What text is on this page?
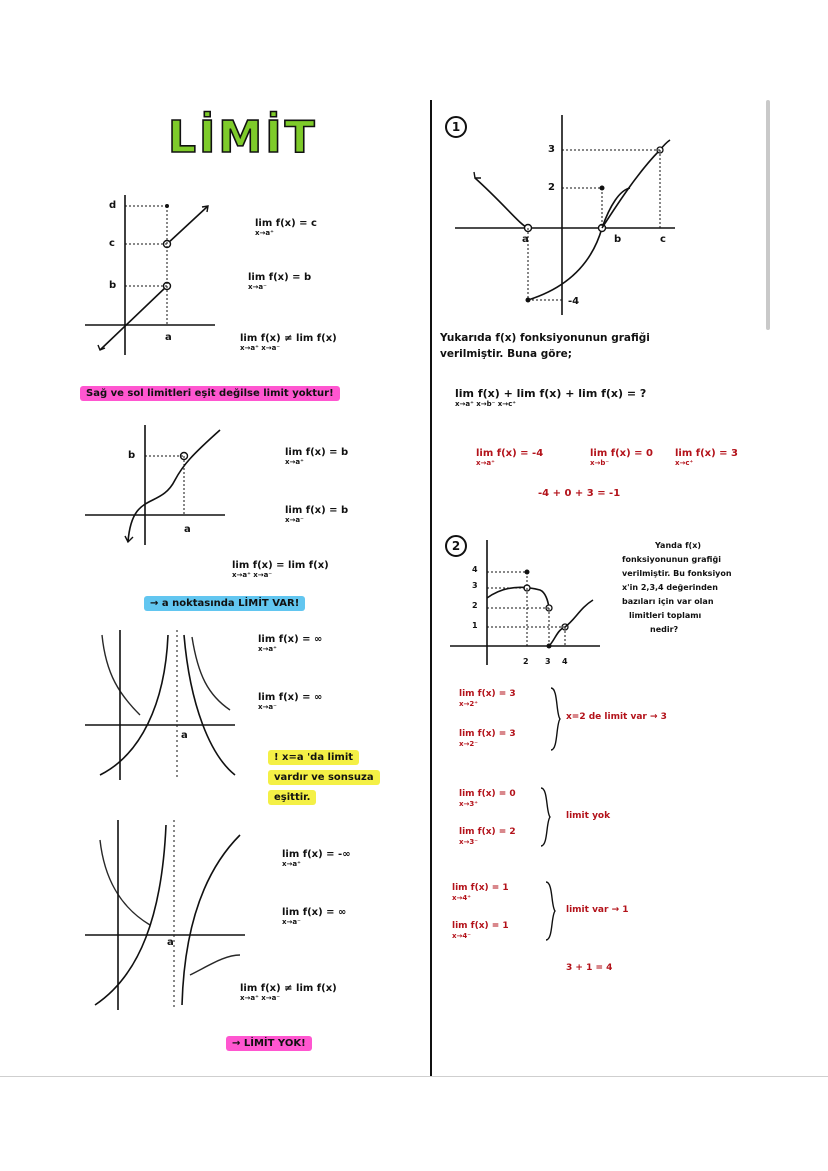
LİMİT
d
c
b
a
lim f(x) = c
x→a⁺
lim f(x) = b
x→a⁻
lim f(x) ≠ lim f(x)
x→a⁺ x→a⁻
Sağ ve sol limitleri eşit değilse limit yoktur!
b
a
lim f(x) = b
x→a⁺
lim f(x) = b
x→a⁻
lim f(x) = lim f(x)
x→a⁺ x→a⁻
→ a noktasında LİMİT VAR!
a
lim f(x) = ∞
x→a⁺
lim f(x) = ∞
x→a⁻
! x=a 'da limit
vardır ve sonsuza
eşittir.
a
lim f(x) = -∞
x→a⁺
lim f(x) = ∞
x→a⁻
lim f(x) ≠ lim f(x)
x→a⁺ x→a⁻
→ LİMİT YOK!
1
3
2
-4
a	b	c
Yukarıda f(x) fonksiyonunun grafiği
verilmiştir. Buna göre;
lim f(x) + lim f(x) + lim f(x) = ?
x→a⁺ x→b⁻ x→c⁺
lim f(x) = -4
x→a⁺
lim f(x) = 0
x→b⁻
lim f(x) = 3
x→c⁺
-4 + 0 + 3 = -1
2
4
3
2
1
2 3 4
Yanda f(x)
fonksiyonunun grafiği
verilmiştir. Bu fonksiyon
x'in 2,3,4 değerinden
bazıları için var olan
limitleri toplamı
nedir?
lim f(x) = 3
x→2⁺
lim f(x) = 3
x→2⁻
x=2 de limit var → 3
lim f(x) = 0
x→3⁺
lim f(x) = 2
x→3⁻
limit yok
lim f(x) = 1
x→4⁺
lim f(x) = 1
x→4⁻
limit var → 1
3 + 1 = 4
